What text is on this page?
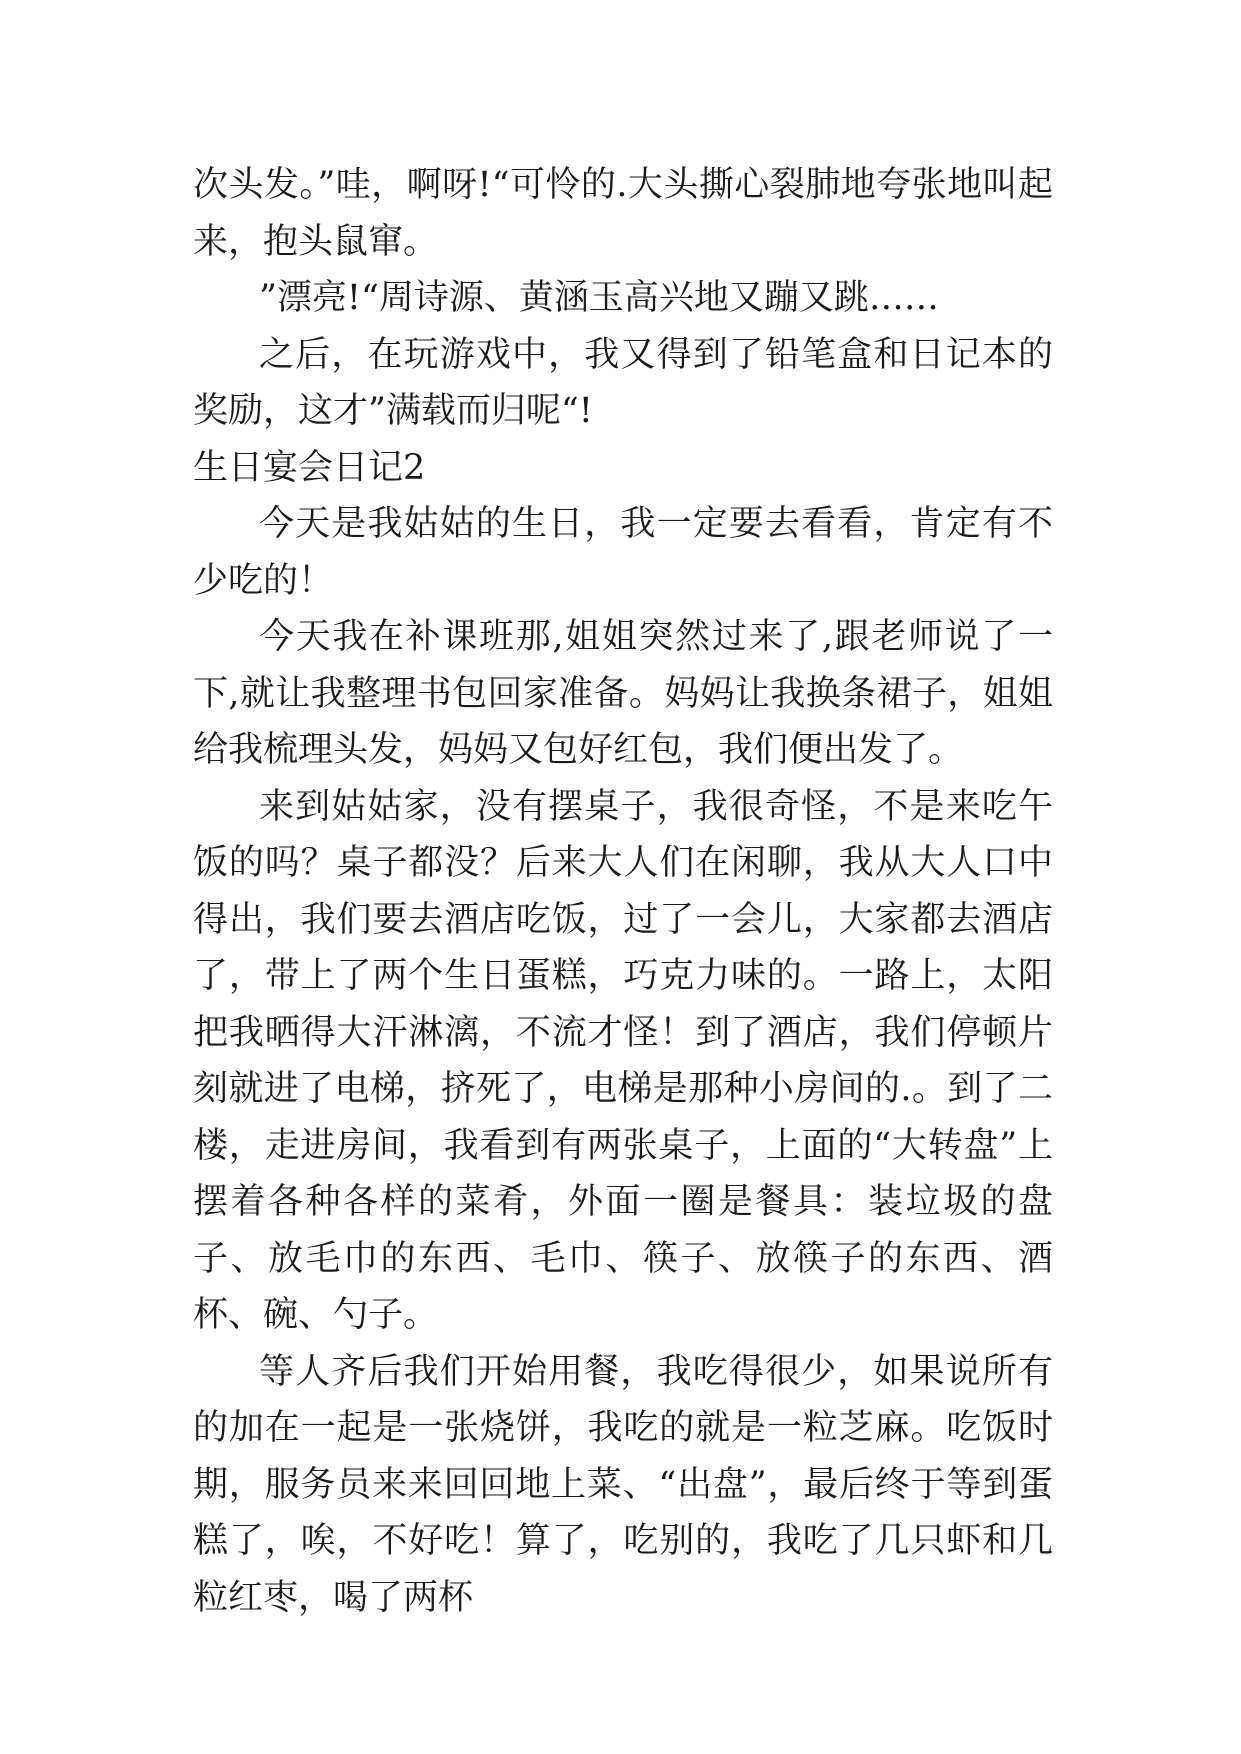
次头发。”哇，啊呀!“可怜的.大头撕心裂肺地夸张地叫起来，抱头鼠窜。

”漂亮!“周诗源、黄涵玉高兴地又蹦又跳……

之后，在玩游戏中，我又得到了铅笔盒和日记本的奖励，这才”满载而归呢“!

生日宴会日记2

今天是我姑姑的生日，我一定要去看看，肯定有不少吃的！

今天我在补课班那,姐姐突然过来了,跟老师说了一下,就让我整理书包回家准备。妈妈让我换条裙子，姐姐给我梳理头发，妈妈又包好红包，我们便出发了。

来到姑姑家，没有摆桌子，我很奇怪，不是来吃午饭的吗？桌子都没？后来大人们在闲聊，我从大人口中得出，我们要去酒店吃饭，过了一会儿，大家都去酒店了，带上了两个生日蛋糕，巧克力味的。一路上，太阳把我晒得大汗淋漓，不流才怪！到了酒店，我们停顿片刻就进了电梯，挤死了，电梯是那种小房间的.。到了二楼，走进房间，我看到有两张桌子，上面的“大转盘”上摆着各种各样的菜肴，外面一圈是餐具：装垃圾的盘子、放毛巾的东西、毛巾、筷子、放筷子的东西、酒杯、碗、勺子。

等人齐后我们开始用餐，我吃得很少，如果说所有的加在一起是一张烧饼，我吃的就是一粒芝麻。吃饭时期，服务员来来回回地上菜、“出盘”，最后终于等到蛋糕了，唉，不好吃！算了，吃别的，我吃了几只虾和几粒红枣，喝了两杯
